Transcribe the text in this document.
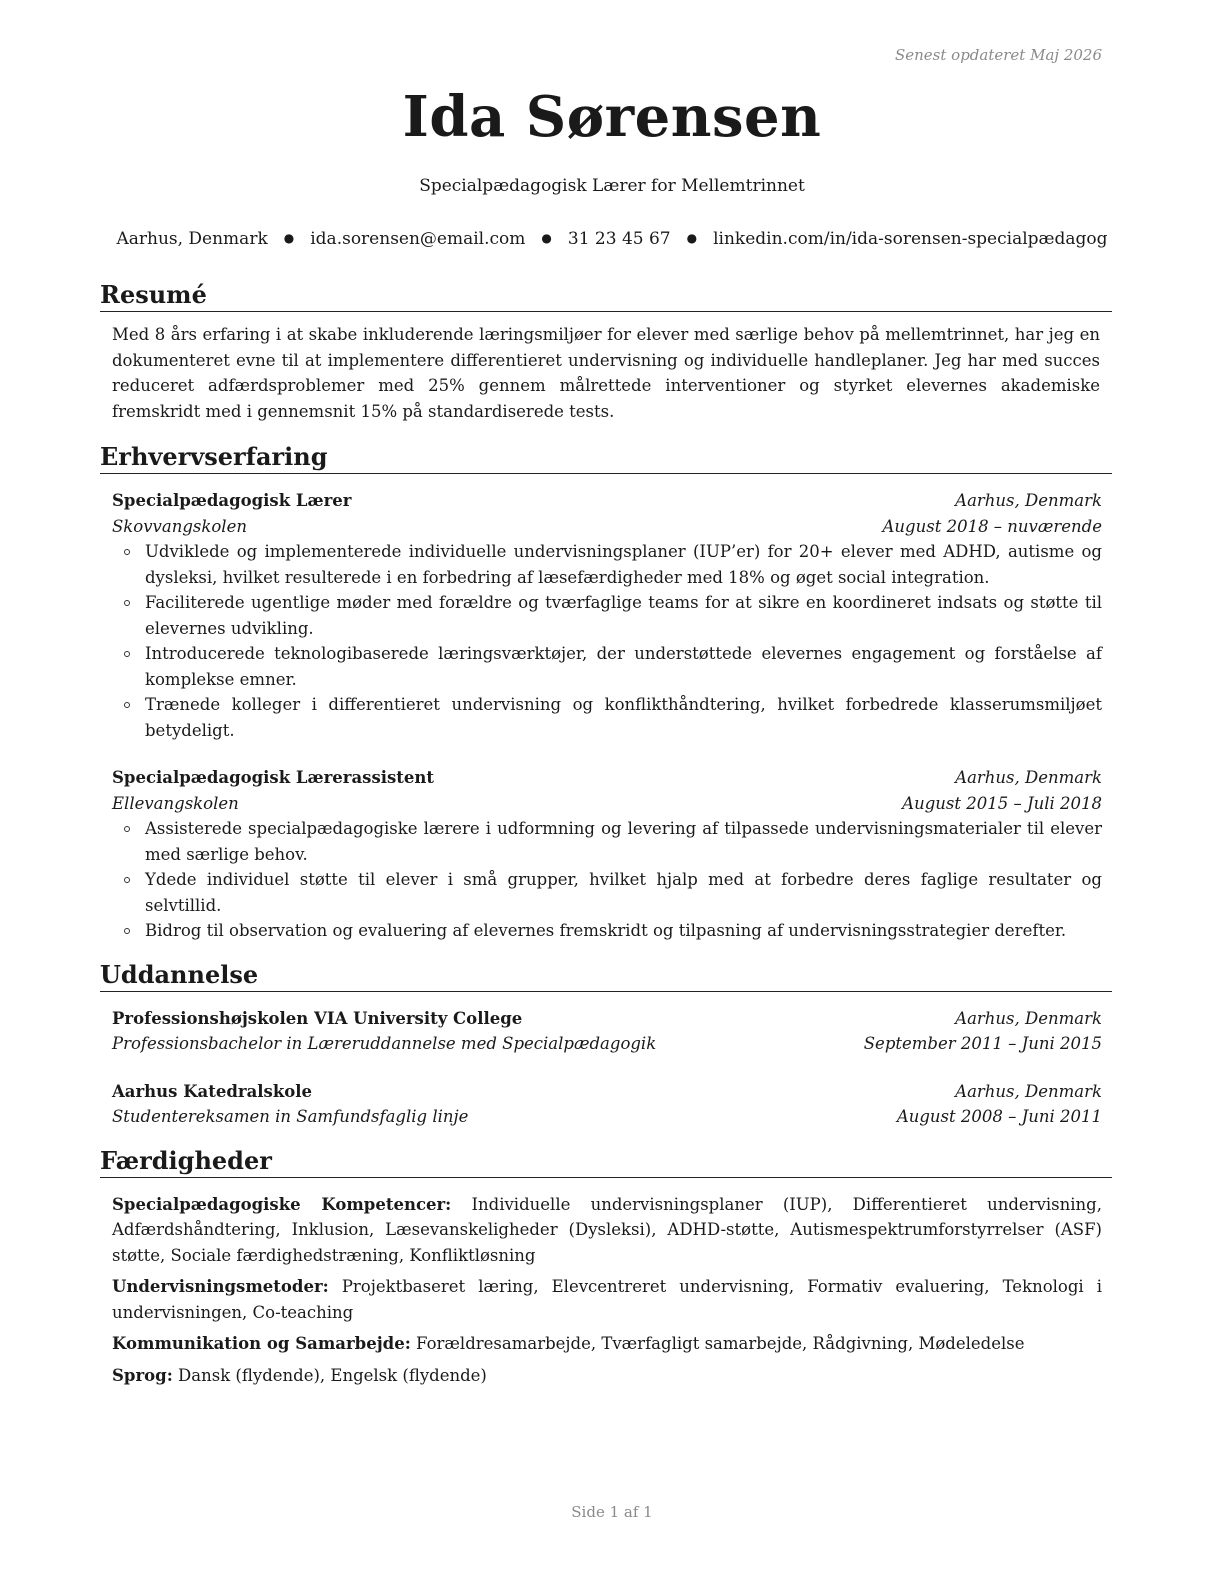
Senest opdateret Maj 2026
Ida Sørensen
Specialpædagogisk Lærer for Mellemtrinnet
Aarhus, Denmark ● ida.sorensen@email.com ● 31 23 45 67 ● linkedin.com/in/ida-sorensen-specialpædagog
Resumé
Med 8 års erfaring i at skabe inkluderende læringsmiljøer for elever med særlige behov på mellemtrinnet, har jeg en dokumenteret evne til at implementere differentieret undervisning og individuelle handleplaner. Jeg har med succes reduceret adfærdsproblemer med 25% gennem målrettede interventioner og styrket elevernes akademiske fremskridt med i gennemsnit 15% på standardiserede tests.
Erhvervserfaring
Specialpædagogisk Lærer	Aarhus, Denmark
Skovvangskolen	August 2018 – nuværende
Udviklede og implementerede individuelle undervisningsplaner (IUP’er) for 20+ elever med ADHD, autisme og dysleksi, hvilket resulterede i en forbedring af læsefærdigheder med 18% og øget social integration.
Faciliterede ugentlige møder med forældre og tværfaglige teams for at sikre en koordineret indsats og støtte til elevernes udvikling.
Introducerede teknologibaserede læringsværktøjer, der understøttede elevernes engagement og forståelse af komplekse emner.
Trænede kolleger i differentieret undervisning og konflikthåndtering, hvilket forbedrede klasserumsmiljøet betydeligt.
Specialpædagogisk Lærerassistent	Aarhus, Denmark
Ellevangskolen	August 2015 – Juli 2018
Assisterede specialpædagogiske lærere i udformning og levering af tilpassede undervisningsmaterialer til elever med særlige behov.
Ydede individuel støtte til elever i små grupper, hvilket hjalp med at forbedre deres faglige resultater og selvtillid.
Bidrog til observation og evaluering af elevernes fremskridt og tilpasning af undervisningsstrategier derefter.
Uddannelse
Professionshøjskolen VIA University College	Aarhus, Denmark
Professionsbachelor in Læreruddannelse med Specialpædagogik	September 2011 – Juni 2015
Aarhus Katedralskole	Aarhus, Denmark
Studentereksamen in Samfundsfaglig linje	August 2008 – Juni 2011
Færdigheder
Specialpædagogiske Kompetencer: Individuelle undervisningsplaner (IUP), Differentieret undervisning, Adfærdshåndtering, Inklusion, Læsevanskeligheder (Dysleksi), ADHD-støtte, Autismespektrumforstyrrelser (ASF) støtte, Sociale færdighedstræning, Konfliktløsning
Undervisningsmetoder: Projektbaseret læring, Elevcentreret undervisning, Formativ evaluering, Teknologi i undervisningen, Co-teaching
Kommunikation og Samarbejde: Forældresamarbejde, Tværfagligt samarbejde, Rådgivning, Mødeledelse
Sprog: Dansk (flydende), Engelsk (flydende)
Side 1 af 1
